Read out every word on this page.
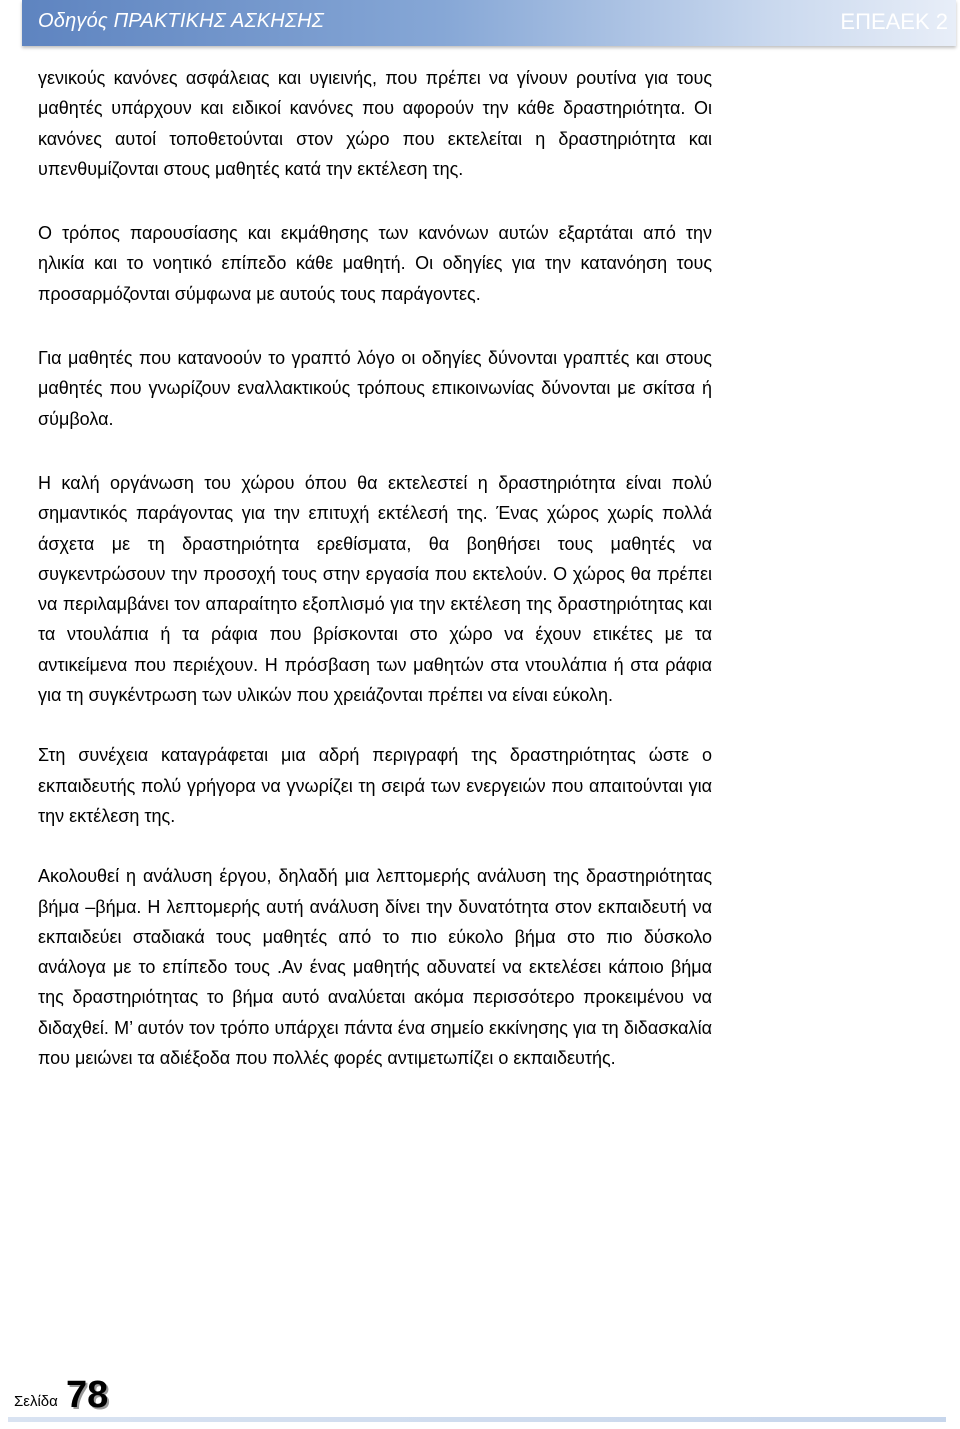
Οδηγός ΠΡΑΚΤΙΚΗΣ ΑΣΚΗΣΗΣ	ΕΠΕΑΕΚ 2

γενικούς κανόνες ασφάλειας και υγιεινής, που πρέπει να γίνουν ρουτίνα για τους μαθητές υπάρχουν και ειδικοί κανόνες που αφορούν την κάθε δραστηριότητα. Οι κανόνες αυτοί τοποθετούνται στον χώρο που εκτελείται η δραστηριότητα και υπενθυμίζονται στους μαθητές κατά την εκτέλεση της.

Ο τρόπος παρουσίασης και εκμάθησης των κανόνων αυτών εξαρτάται από την ηλικία και το νοητικό επίπεδο κάθε μαθητή. Οι οδηγίες για την κατανόηση τους προσαρμόζονται σύμφωνα με αυτούς τους παράγοντες.

Για μαθητές που κατανοούν το γραπτό λόγο οι οδηγίες δύνονται γραπτές και στους μαθητές που γνωρίζουν εναλλακτικούς τρόπους επικοινωνίας δύνονται με σκίτσα ή σύμβολα.

Η καλή οργάνωση του χώρου όπου θα εκτελεστεί η δραστηριότητα είναι πολύ σημαντικός παράγοντας για την επιτυχή εκτέλεσή της. Ένας χώρος χωρίς πολλά άσχετα με τη δραστηριότητα ερεθίσματα, θα βοηθήσει τους μαθητές να συγκεντρώσουν την προσοχή τους στην εργασία που εκτελούν. Ο χώρος θα πρέπει να περιλαμβάνει τον απαραίτητο εξοπλισμό για την εκτέλεση της δραστηριότητας και τα ντουλάπια ή τα ράφια που βρίσκονται στο χώρο να έχουν ετικέτες με τα αντικείμενα που περιέχουν. Η πρόσβαση των μαθητών στα ντουλάπια ή στα ράφια για τη συγκέντρωση των υλικών που χρειάζονται πρέπει να είναι εύκολη.

Στη συνέχεια καταγράφεται μια αδρή περιγραφή της δραστηριότητας ώστε ο εκπαιδευτής πολύ γρήγορα να γνωρίζει τη σειρά των ενεργειών που απαιτούνται για την εκτέλεση της.

Ακολουθεί η ανάλυση έργου, δηλαδή μια λεπτομερής ανάλυση της δραστηριότητας βήμα –βήμα. Η λεπτομερής αυτή ανάλυση δίνει την δυνατότητα στον εκπαιδευτή να εκπαιδεύει σταδιακά τους μαθητές από το πιο εύκολο βήμα στο πιο δύσκολο ανάλογα με το επίπεδο τους .Αν ένας μαθητής αδυνατεί να εκτελέσει κάποιο βήμα της δραστηριότητας το βήμα αυτό αναλύεται ακόμα περισσότερο προκειμένου να διδαχθεί. Μ’ αυτόν τον τρόπο υπάρχει πάντα ένα σημείο εκκίνησης για τη διδασκαλία που μειώνει τα αδιέξοδα που πολλές φορές αντιμετωπίζει ο εκπαιδευτής.

Σελίδα 78
